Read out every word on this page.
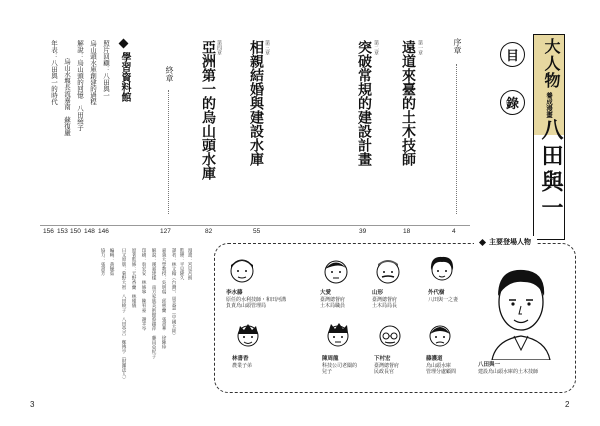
大人物
養成漫畫
八田與一
目
錄
序章
4
第一章
遠道來臺的土木技師
18
第二章
突破常規的建設計畫
39
第三章
相親結婚與建設水庫
55
第四章
亞洲第一的烏山頭水庫
82
終章
127
學習資料館
照片回顧：八田與一
146
烏山頭水庫創建的過程
148
解說：烏山頭的回憶　八田綾子
150
烏山水堰長流嘉南　蘇復嚴
153
年表：八田與一的時代
156
漫畫：宮見吾朗
監修：平見隆久
譯者：林文翰（台灣）、周美慧（中國大陸）
嘉義大學教授：吳明瑞　邱惠蘭　張書華　徐陳珍
解說：漢嘉建樣　南方家族美術館蔡錦萍　藤田亞紀子
印刷：翁宏安　林修寧　陳宥豪　謝幸岑
原著監修：天野香蘭　林瑾儀
日文原版：菊野大智　八田綾子　八田英吉　鄭博亨（財團法人）
編輯：黃毓茹
協力：張書芳
3	2
主要登場人物
李水藤
原任的水利技師・和田河溝
負責烏山頭管理局
大愛
臺灣總督府
土木局職員
山形
臺灣總督府
土木局局長
外代樹
八田與一之妻
林書香
農業子弟
陳周龍
科技公司老闆的
兒子
下村宏
臺灣總督府
民政長官
藤護道
烏山頭水庫
管理分處顧問
八田與一
建設烏山頭水庫的土木技師
